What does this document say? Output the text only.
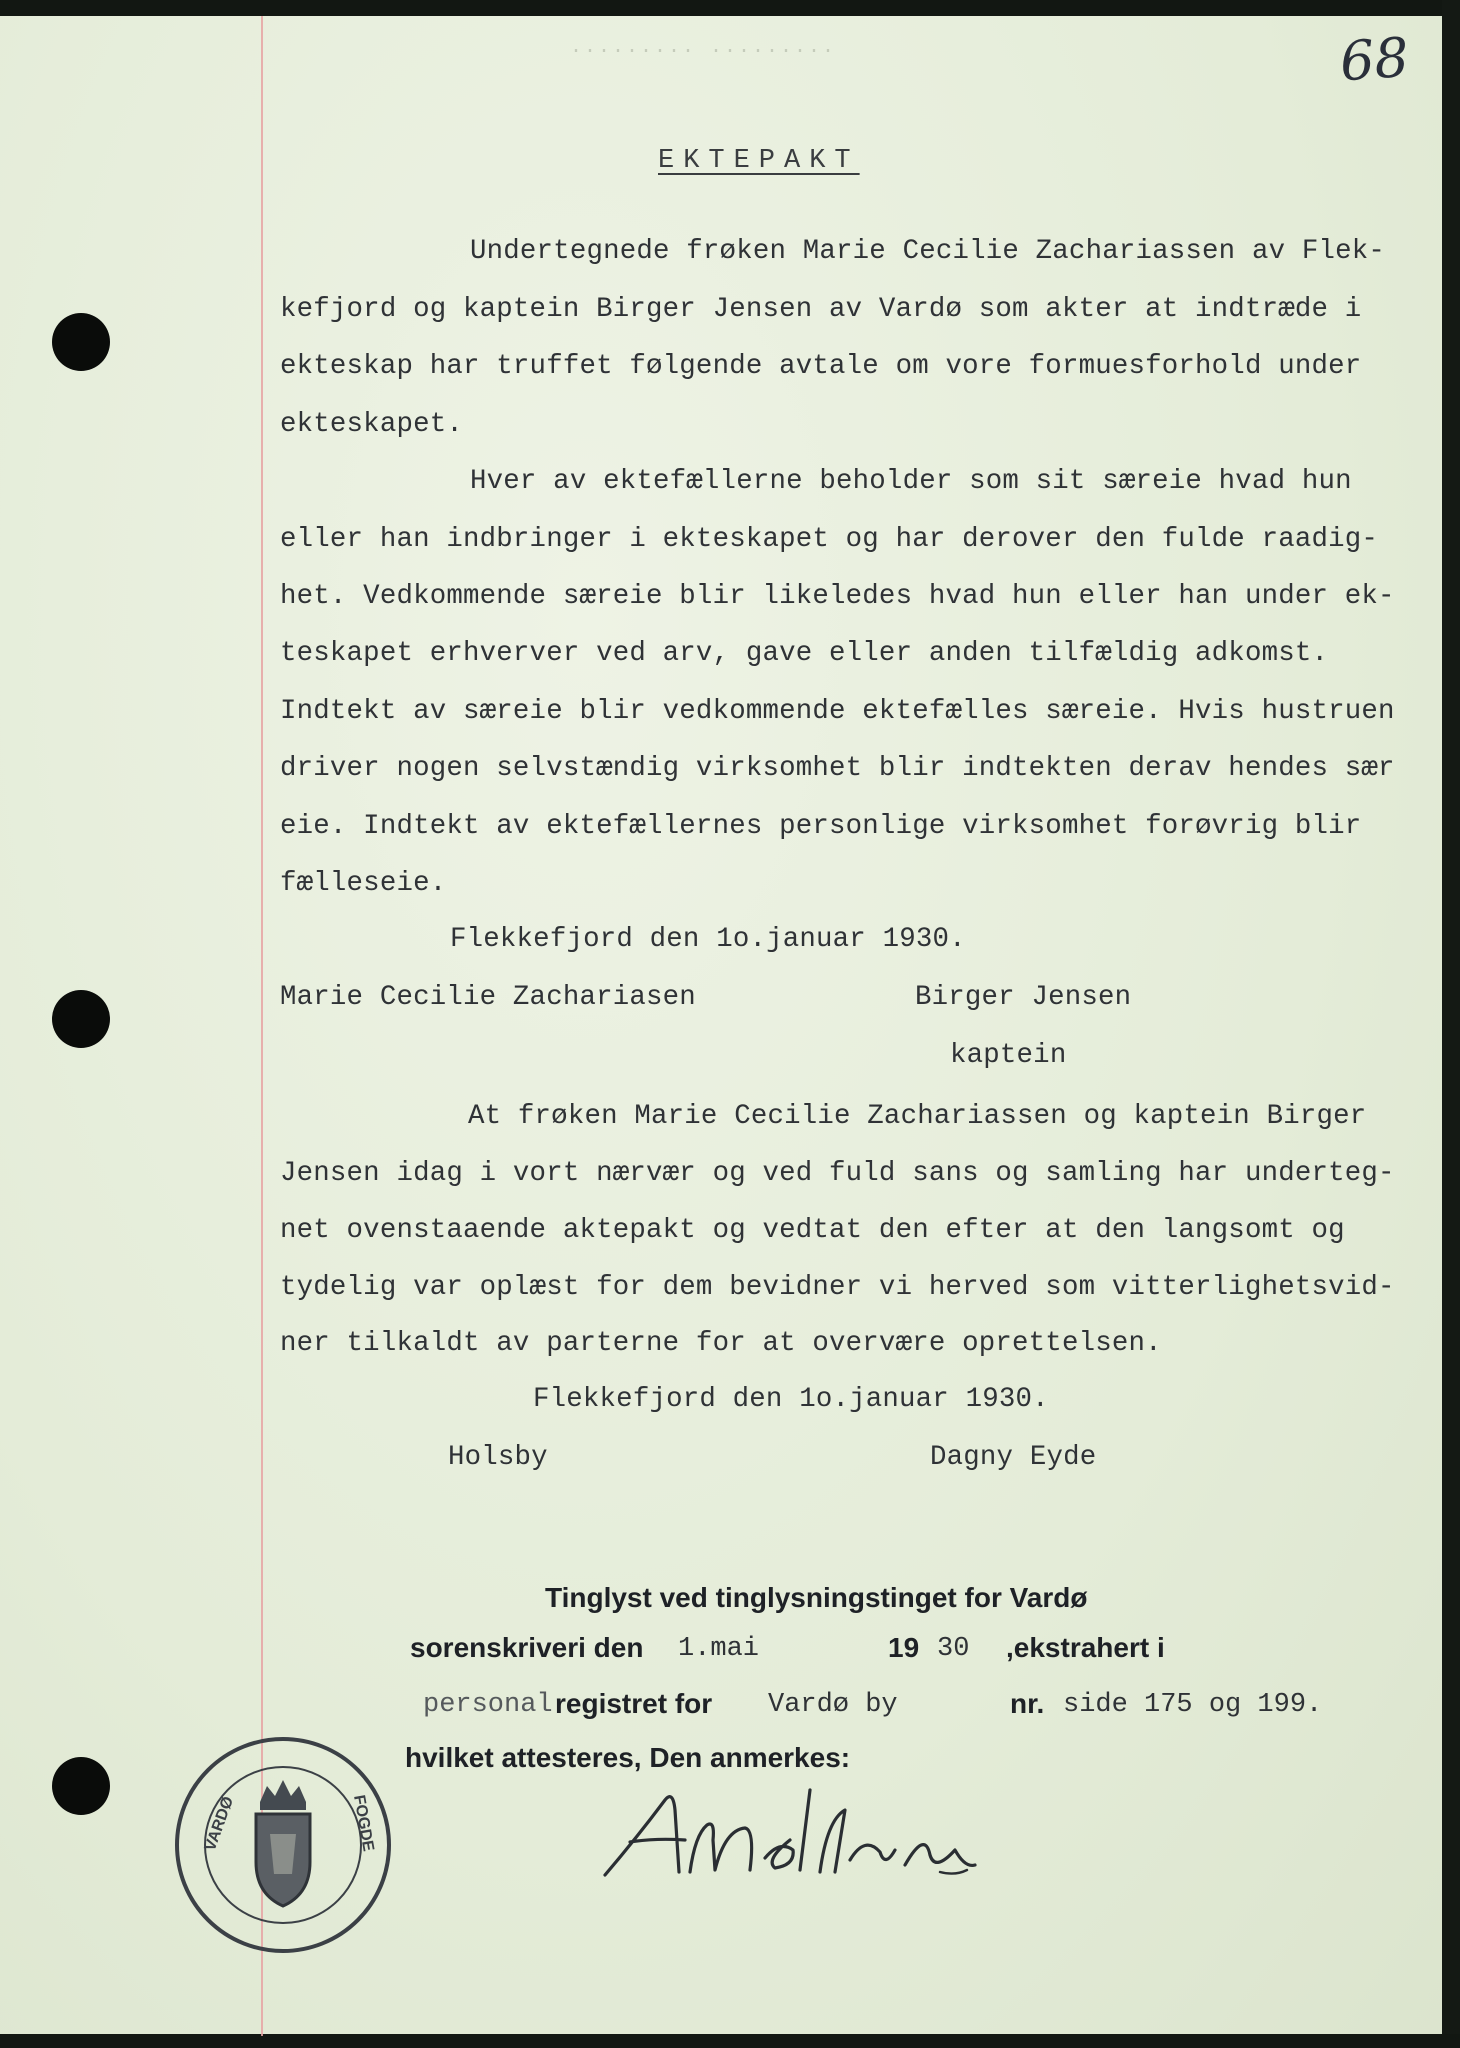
68
········· ·········
EKTEPAKT
Undertegnede frøken Marie Cecilie Zachariassen av Flek-
kefjord og kaptein Birger Jensen av Vardø som akter at indtræde i
ekteskap har truffet følgende avtale om vore formuesforhold under
ekteskapet.
Hver av ektefællerne beholder som sit særeie hvad hun
eller han indbringer i ekteskapet og har derover den fulde raadig-
het. Vedkommende særeie blir likeledes hvad hun eller han under ek-
teskapet erhverver ved arv, gave eller anden tilfældig adkomst.
Indtekt av særeie blir vedkommende ektefælles særeie. Hvis hustruen
driver nogen selvstændig virksomhet blir indtekten derav hendes sær
eie. Indtekt av ektefællernes personlige virksomhet forøvrig blir
fælleseie.
Flekkefjord den 1o.januar 1930.
Marie Cecilie Zachariasen	Birger Jensen
kaptein
At frøken Marie Cecilie Zachariassen og kaptein Birger
Jensen idag i vort nærvær og ved fuld sans og samling har underteg-
net ovenstaaende aktepakt og vedtat den efter at den langsomt og
tydelig var oplæst for dem bevidner vi herved som vitterlighetsvid-
ner tilkaldt av parterne for at overvære oprettelsen.
Flekkefjord den 1o.januar 1930.
Holsby	Dagny Eyde
Tinglyst ved tinglysningstinget for Vardø
sorenskriveri den 1.mai	19 30 ,ekstrahert i
personal registret for Vardø by	nr. side 175 og 199.
hvilket attesteres, Den anmerkes:
VARDØ	FOGDE
